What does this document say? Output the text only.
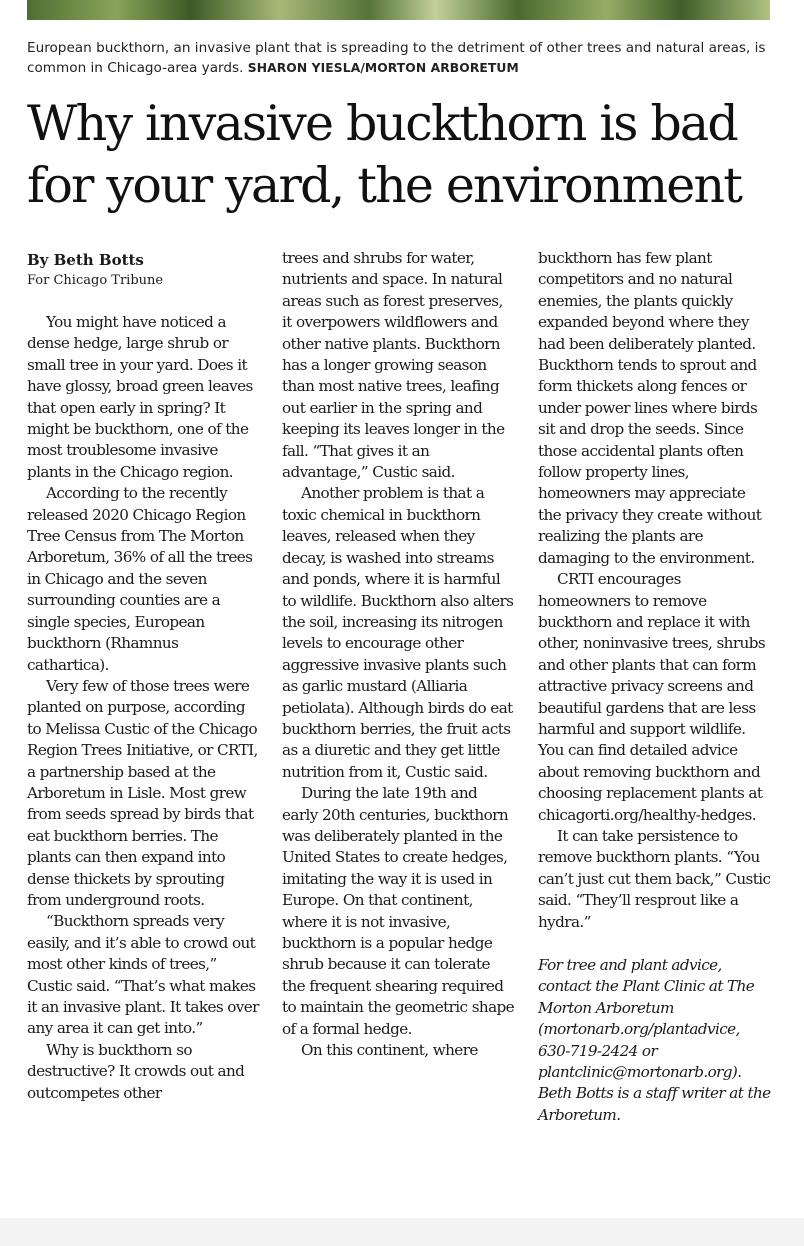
European buckthorn, an invasive plant that is spreading to the detriment of other trees and natural areas, is common in Chicago-area yards. SHARON YIESLA/MORTON ARBORETUM
Why invasive buckthorn is bad
for your yard, the environment
By Beth Botts
For Chicago Tribune

You might have noticed a dense hedge, large shrub or small tree in your yard. Does it have glossy, broad green leaves that open early in spring? It might be buckthorn, one of the most troublesome invasive plants in the Chicago region.

According to the recently released 2020 Chicago Region Tree Census from The Morton Arboretum, 36% of all the trees in Chicago and the seven surrounding counties are a single species, European buckthorn (Rhamnus cathartica).

Very few of those trees were planted on purpose, according to Melissa Custic of the Chicago Region Trees Initiative, or CRTI, a partnership based at the Arboretum in Lisle. Most grew from seeds spread by birds that eat buckthorn berries. The plants can then expand into dense thickets by sprouting from underground roots.

“Buckthorn spreads very easily, and it’s able to crowd out most other kinds of trees,” Custic said. “That’s what makes it an invasive plant. It takes over any area it can get into.”

Why is buckthorn so destructive? It crowds out and outcompetes other

trees and shrubs for water, nutrients and space. In natural areas such as forest preserves, it overpowers wildflowers and other native plants. Buckthorn has a longer growing season than most native trees, leafing out earlier in the spring and keeping its leaves longer in the fall. “That gives it an advantage,” Custic said.

Another problem is that a toxic chemical in buckthorn leaves, released when they decay, is washed into streams and ponds, where it is harmful to wildlife. Buckthorn also alters the soil, increasing its nitrogen levels to encourage other aggressive invasive plants such as garlic mustard (Alliaria petiolata). Although birds do eat buckthorn berries, the fruit acts as a diuretic and they get little nutrition from it, Custic said.

During the late 19th and early 20th centuries, buckthorn was deliberately planted in the United States to create hedges, imitating the way it is used in Europe. On that continent, where it is not invasive, buckthorn is a popular hedge shrub because it can tolerate the frequent shearing required to maintain the geometric shape of a formal hedge.

On this continent, where

buckthorn has few plant competitors and no natural enemies, the plants quickly expanded beyond where they had been deliberately planted. Buckthorn tends to sprout and form thickets along fences or under power lines where birds sit and drop the seeds. Since those accidental plants often follow property lines, homeowners may appreciate the privacy they create without realizing the plants are damaging to the environment.

CRTI encourages homeowners to remove buckthorn and replace it with other, noninvasive trees, shrubs and other plants that can form attractive privacy screens and beautiful gardens that are less harmful and support wildlife. You can find detailed advice about removing buckthorn and choosing replacement plants at chicagorti.org/healthy-hedges.

It can take persistence to remove buckthorn plants. “You can’t just cut them back,” Custic said. “They’ll resprout like a hydra.”

For tree and plant advice, contact the Plant Clinic at The Morton Arboretum (mortonarb.org/plantadvice, 630-719-2424 or plantclinic@mortonarb.org). Beth Botts is a staff writer at the Arboretum.
